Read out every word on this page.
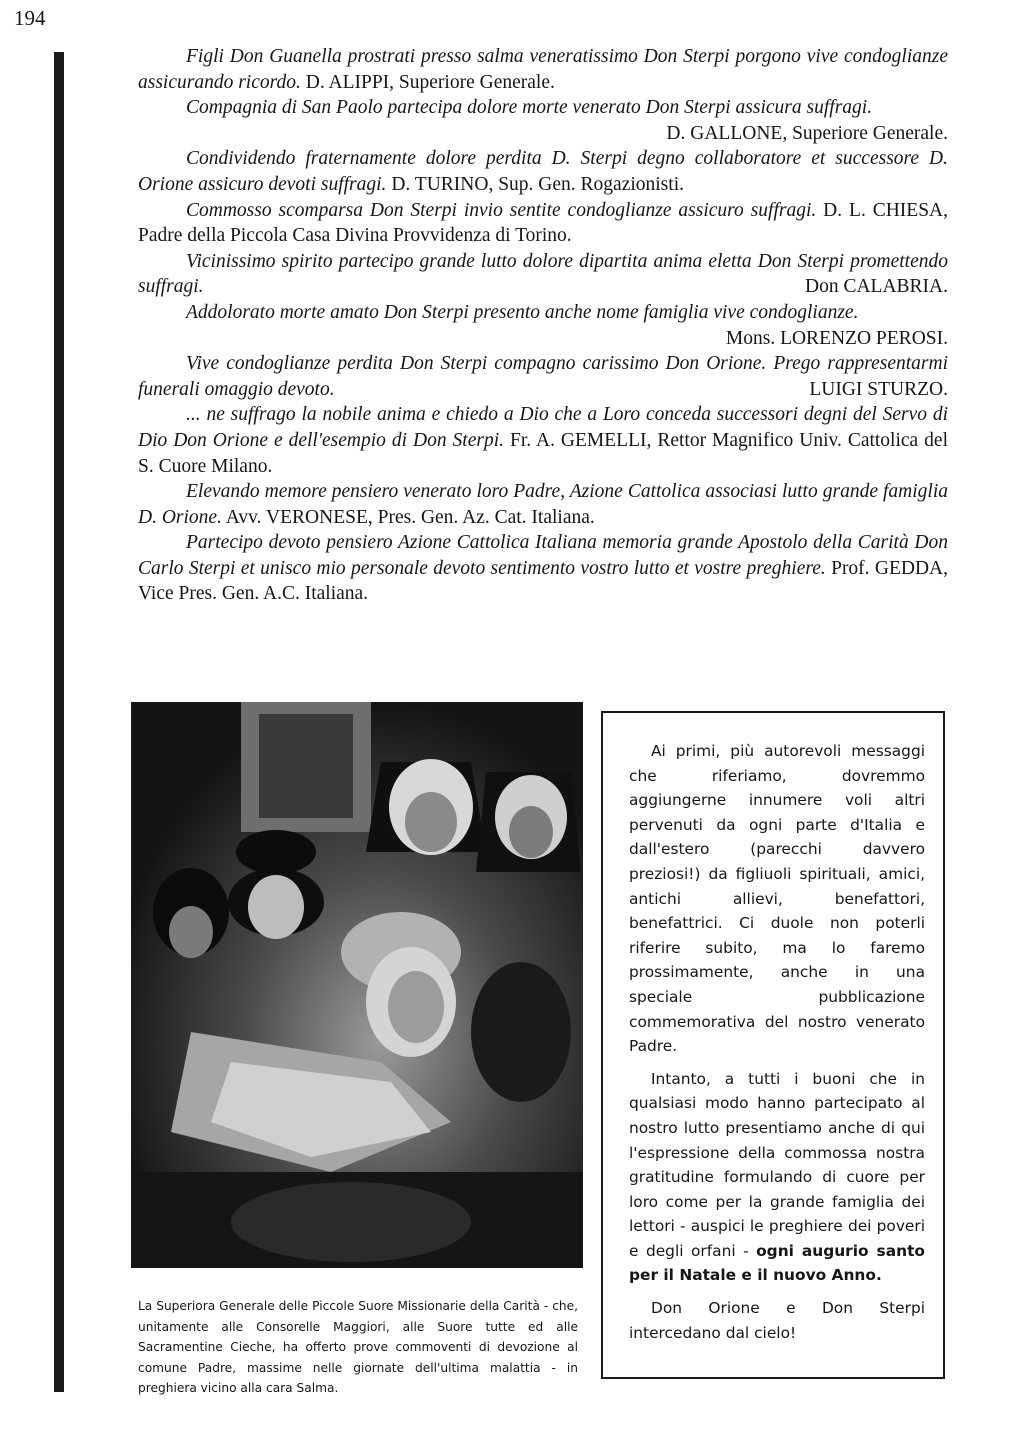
194

Figli Don Guanella prostrati presso salma veneratissimo Don Sterpi porgono vive condoglianze assicurando ricordo. D. ALIPPI, Superiore Generale.

Compagnia di San Paolo partecipa dolore morte venerato Don Sterpi assicura suffragi.
D. GALLONE, Superiore Generale.

Condividendo fraternamente dolore perdita D. Sterpi degno collaboratore et successore D. Orione assicuro devoti suffragi. D. TURINO, Sup. Gen. Rogazionisti.

Commosso scomparsa Don Sterpi invio sentite condoglianze assicuro suffragi. D. L. CHIESA, Padre della Piccola Casa Divina Provvidenza di Torino.

Vicinissimo spirito partecipo grande lutto dolore dipartita anima eletta Don Sterpi promettendo suffragi.	Don CALABRIA.

Addolorato morte amato Don Sterpi presento anche nome famiglia vive condoglianze.
Mons. LORENZO PEROSI.

Vive condoglianze perdita Don Sterpi compagno carissimo Don Orione. Prego rappresentarmi funerali omaggio devoto.	LUIGI STURZO.

... ne suffrago la nobile anima e chiedo a Dio che a Loro conceda successori degni del Servo di Dio Don Orione e dell'esempio di Don Sterpi. Fr. A. GEMELLI, Rettor Magnifico Univ. Cattolica del S. Cuore Milano.

Elevando memore pensiero venerato loro Padre, Azione Cattolica associasi lutto grande famiglia D. Orione. Avv. VERONESE, Pres. Gen. Az. Cat. Italiana.

Partecipo devoto pensiero Azione Cattolica Italiana memoria grande Apostolo della Carità Don Carlo Sterpi et unisco mio personale devoto sentimento vostro lutto et vostre preghiere. Prof. GEDDA, Vice Pres. Gen. A.C. Italiana.

La Superiora Generale delle Piccole Suore Missionarie della Carità - che, unitamente alle Consorelle Maggiori, alle Suore tutte ed alle Sacramentine Cieche, ha offerto prove commoventi di devozione al comune Padre, massime nelle giornate dell'ultima malattia - in preghiera vicino alla cara Salma.

Ai primi, più autorevoli messaggi che riferiamo, dovremmo aggiungerne innumere voli altri pervenuti da ogni parte d'Italia e dall'estero (parecchi davvero preziosi!) da figliuoli spirituali, amici, antichi allievi, benefattori, benefattrici. Ci duole non poterli riferire subito, ma lo faremo prossimamente, anche in una speciale pubblicazione commemorativa del nostro venerato Padre.

Intanto, a tutti i buoni che in qualsiasi modo hanno partecipato al nostro lutto presentiamo anche di qui l'espressione della commossa nostra gratitudine formulando di cuore per loro come per la grande famiglia dei lettori - auspici le preghiere dei poveri e degli orfani - ogni augurio santo per il Natale e il nuovo Anno.

Don Orione e Don Sterpi intercedano dal cielo!
